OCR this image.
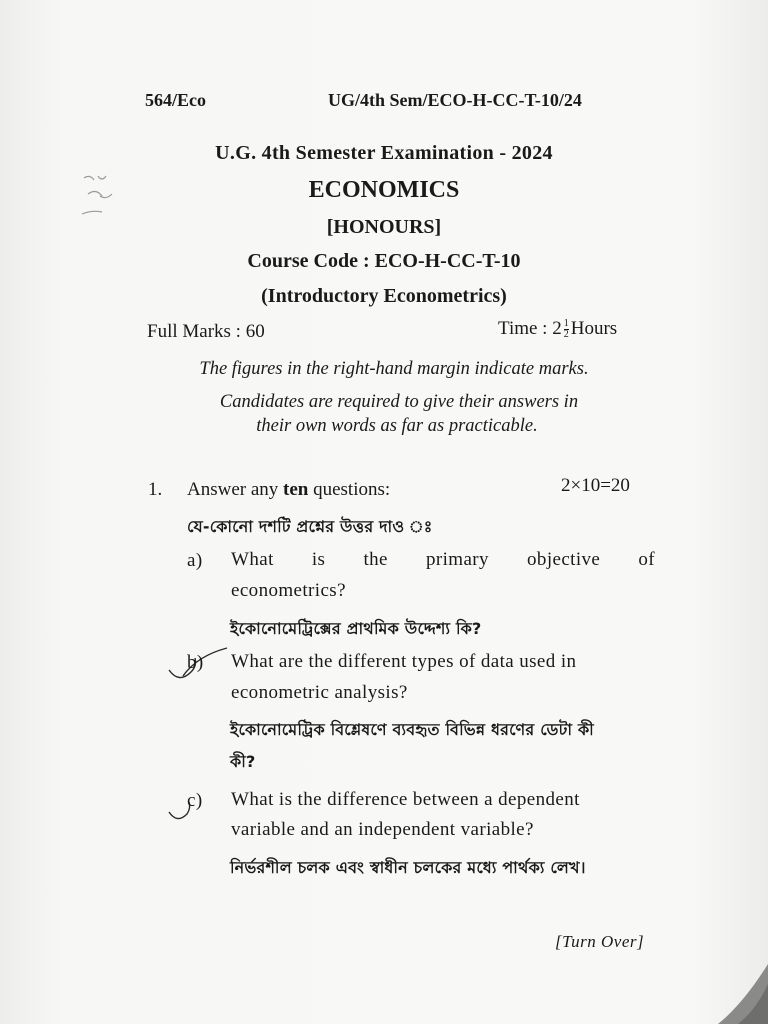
564/Eco	UG/4th Sem/ECO-H-CC-T-10/24
U.G. 4th Semester Examination - 2024
ECONOMICS
[HONOURS]
Course Code : ECO-H-CC-T-10
(Introductory Econometrics)
Full Marks : 60	Time : $2 \frac{1}{2}$ Hours
The figures in the right-hand margin indicate marks.
Candidates are required to give their answers in
their own words as far as practicable.
1. Answer any ten questions:	2×10=20
যে-কোনো দশটি প্রশ্নের উত্তর দাও ঃ
a) What is the primary objective of
econometrics?
ইকোনোমেট্রিক্সের প্রাথমিক উদ্দেশ্য কি?
b) What are the different types of data used in
econometric analysis?
ইকোনোমেট্রিক বিশ্লেষণে ব্যবহৃত বিভিন্ন ধরণের ডেটা কী
কী?
c) What is the difference between a dependent
variable and an independent variable?
নির্ভরশীল চলক এবং স্বাধীন চলকের মধ্যে পার্থক্য লেখ।
[Turn Over]
